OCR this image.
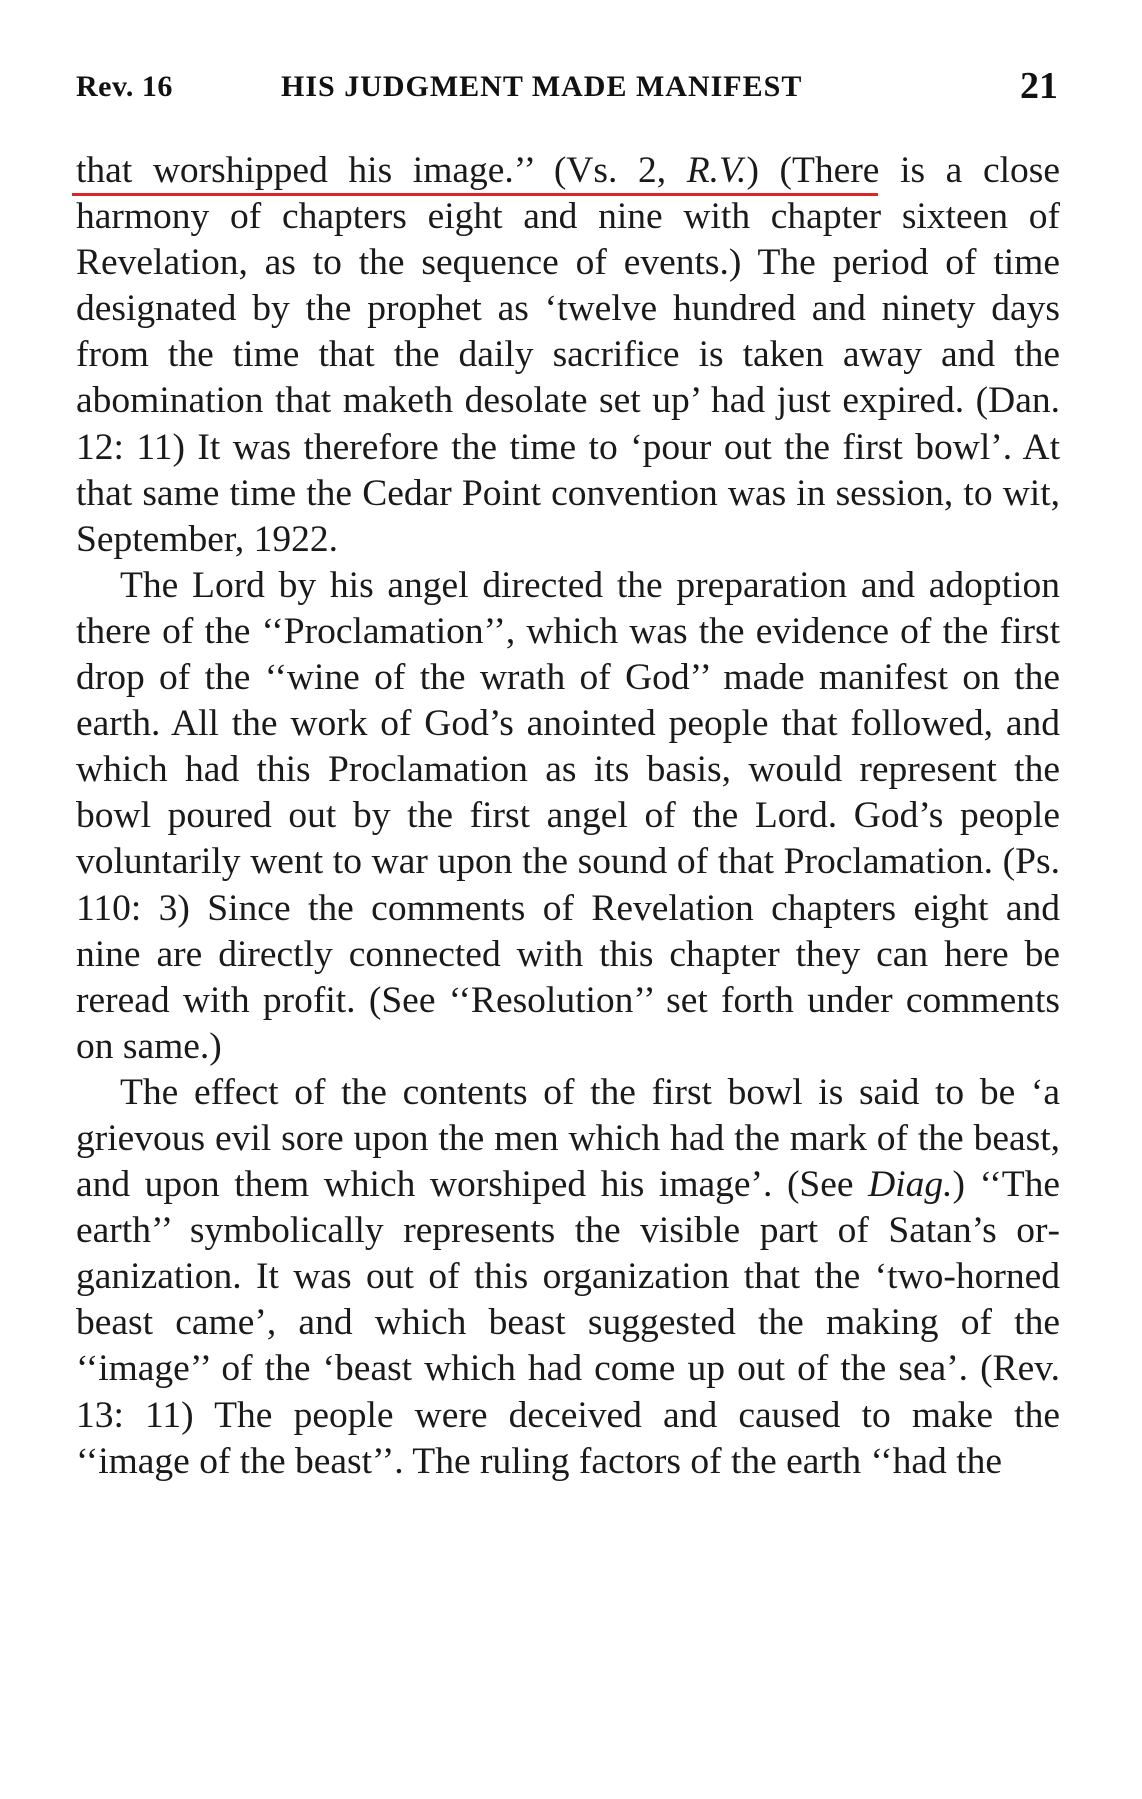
Rev. 16	HIS JUDGMENT MADE MANIFEST	21

that worshipped his image.’’ (Vs. 2, R.V.) (There is a close harmony of chapters eight and nine with chapter sixteen of Revelation, as to the sequence of events.) The period of time designated by the prophet as ‘twelve hundred and ninety days from the time that the daily sacrifice is taken away and the abomination that maketh desolate set up’ had just expired. (Dan. 12: 11) It was therefore the time to ‘pour out the first bowl’. At that same time the Cedar Point convention was in session, to wit, September, 1922.

The Lord by his angel directed the preparation and adoption there of the ‘‘Proclamation’’, which was the evidence of the first drop of the ‘‘wine of the wrath of God’’ made manifest on the earth. All the work of God’s anointed people that followed, and which had this Proclamation as its basis, would represent the bowl poured out by the first angel of the Lord. God’s people voluntarily went to war upon the sound of that Proclamation. (Ps. 110: 3) Since the comments of Revelation chapters eight and nine are directly connected with this chapter they can here be reread with profit. (See ‘‘Resolution’’ set forth under comments on same.)

The effect of the contents of the first bowl is said to be ‘a grievous evil sore upon the men which had the mark of the beast, and upon them which worshiped his image’. (See Diag.) ‘‘The earth’’ symbolically represents the visible part of Satan’s organization. It was out of this organization that the ‘two-horned beast came’, and which beast suggested the making of the ‘‘image’’ of the ‘beast which had come up out of the sea’. (Rev. 13: 11) The people were deceived and caused to make the ‘‘image of the beast’’. The ruling factors of the earth ‘‘had the
